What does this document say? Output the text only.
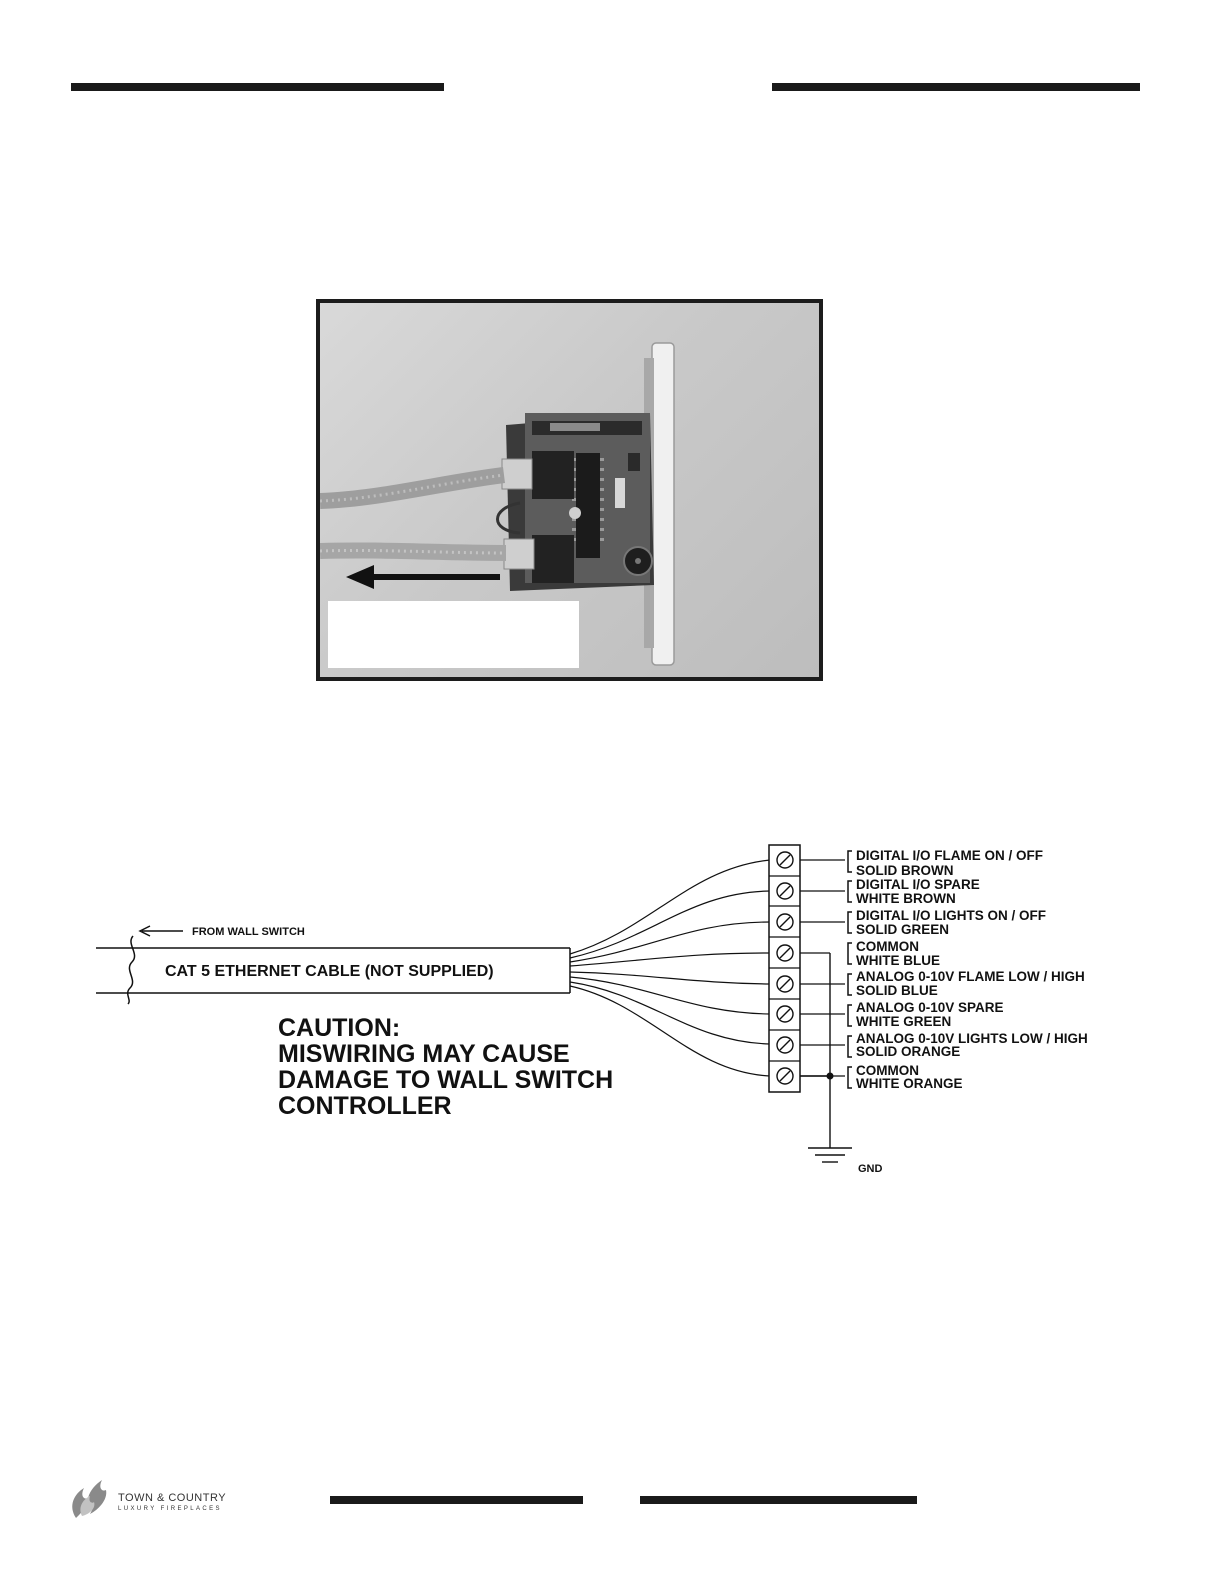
FROM WALL SWITCH
CAT 5 ETHERNET CABLE (NOT SUPPLIED)
DIGITAL I/O FLAME ON / OFF
SOLID BROWN
DIGITAL I/O SPARE
WHITE BROWN
DIGITAL I/O LIGHTS ON / OFF
SOLID GREEN
COMMON
WHITE BLUE
ANALOG 0-10V FLAME LOW / HIGH
SOLID BLUE
ANALOG 0-10V SPARE
WHITE GREEN
ANALOG 0-10V LIGHTS LOW / HIGH
SOLID ORANGE
COMMON
WHITE ORANGE
GND
CAUTION:
MISWIRING MAY CAUSE
DAMAGE TO WALL SWITCH
CONTROLLER
TOWN & COUNTRY
LUXURY FIREPLACES
